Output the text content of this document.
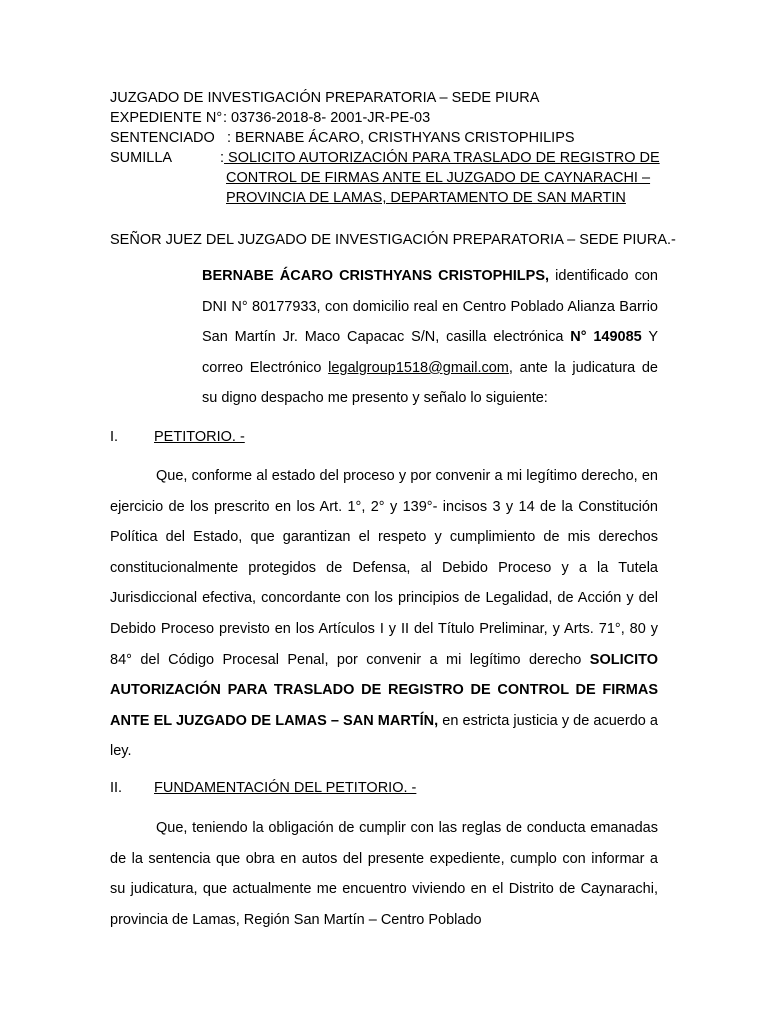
JUZGADO DE INVESTIGACIÓN PREPARATORIA – SEDE PIURA
EXPEDIENTE N°: 03736-2018-8- 2001-JR-PE-03
SENTENCIADO : BERNABE ÁCARO, CRISTHYANS CRISTOPHILIPS
SUMILLA	: SOLICITO AUTORIZACIÓN PARA TRASLADO DE REGISTRO DE
CONTROL DE FIRMAS ANTE EL JUZGADO DE CAYNARACHI –
PROVINCIA DE LAMAS, DEPARTAMENTO DE SAN MARTIN
SEÑOR JUEZ DEL JUZGADO DE INVESTIGACIÓN PREPARATORIA – SEDE PIURA.-
BERNABE ÁCARO CRISTHYANS CRISTOPHILPS, identificado con DNI N° 80177933, con domicilio real en Centro Poblado Alianza Barrio San Martín Jr. Maco Capacac S/N, casilla electrónica N° 149085 Y correo Electrónico legalgroup1518@gmail.com, ante la judicatura de su digno despacho me presento y señalo lo siguiente:
I. PETITORIO. -
Que, conforme al estado del proceso y por convenir a mi legítimo derecho, en ejercicio de los prescrito en los Art. 1°, 2° y 139°- incisos 3 y 14 de la Constitución Política del Estado, que garantizan el respeto y cumplimiento de mis derechos constitucionalmente protegidos de Defensa, al Debido Proceso y a la Tutela Jurisdiccional efectiva, concordante con los principios de Legalidad, de Acción y del Debido Proceso previsto en los Artículos I y II del Título Preliminar, y Arts. 71°, 80 y 84° del Código Procesal Penal, por convenir a mi legítimo derecho SOLICITO AUTORIZACIÓN PARA TRASLADO DE REGISTRO DE CONTROL DE FIRMAS ANTE EL JUZGADO DE LAMAS – SAN MARTÍN, en estricta justicia y de acuerdo a ley.
II. FUNDAMENTACIÓN DEL PETITORIO. -
Que, teniendo la obligación de cumplir con las reglas de conducta emanadas de la sentencia que obra en autos del presente expediente, cumplo con informar a su judicatura, que actualmente me encuentro viviendo en el Distrito de Caynarachi, provincia de Lamas, Región San Martín – Centro Poblado
